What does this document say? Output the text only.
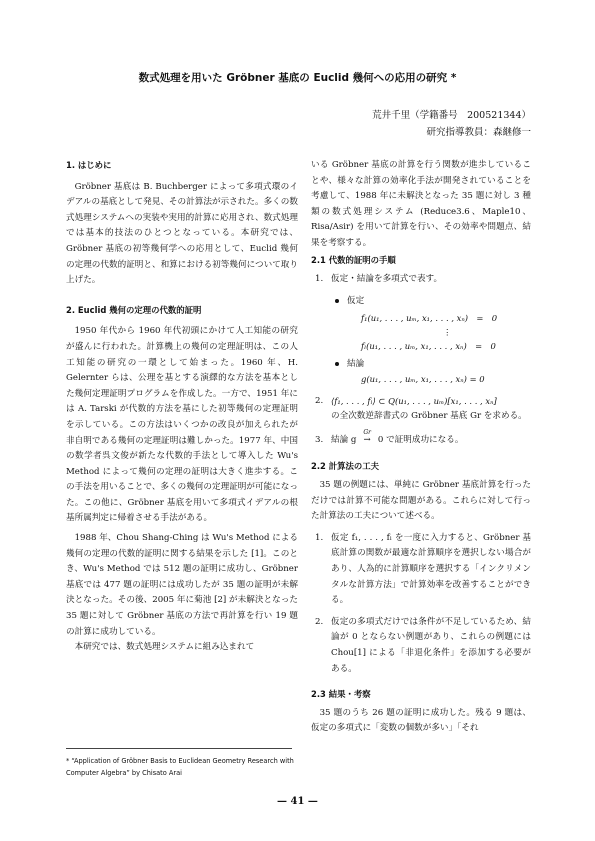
数式処理を用いた Gröbner 基底の Euclid 幾何への応用の研究 *
荒井千里（学籍番号　200521344）
研究指導教員：森継修一

1. はじめに

Gröbner 基底は B. Buchberger によって多項式環のイデアルの基底として発見、その計算法が示された。多くの数式処理システムへの実装や実用的計算に応用され、数式処理では基本的技法のひとつとなっている。本研究では、Gröbner 基底の初等幾何学への応用として、Euclid 幾何の定理の代数的証明と、和算における初等幾何について取り上げた。

2. Euclid 幾何の定理の代数的証明

1950 年代から 1960 年代初頭にかけて人工知能の研究が盛んに行われた。計算機上の幾何の定理証明は、この人工知能の研究の一環として始まった。1960 年、H. Gelernter らは、公理を基とする演繹的な方法を基本とした幾何定理証明プログラムを作成した。一方で、1951 年には A. Tarski が代数的方法を基にした初等幾何の定理証明を示している。この方法はいくつかの改良が加えられたが非自明である幾何の定理証明は難しかった。1977 年、中国の数学者呉文俊が新たな代数的手法として導入した Wu's Method によって幾何の定理の証明は大きく進歩する。この手法を用いることで、多くの幾何の定理証明が可能になった。この他に、Gröbner 基底を用いて多項式イデアルの根基所属判定に帰着させる手法がある。

1988 年、Chou Shang-Ching は Wu's Method による幾何の定理の代数的証明に関する結果を示した [1]。このとき、Wu's Method では 512 題の証明に成功し、Gröbner 基底では 477 題の証明には成功したが 35 題の証明が未解決となった。その後、2005 年に菊池 [2] が未解決となった 35 題に対して Gröbner 基底の方法で再計算を行い 19 題の計算に成功している。

本研究では、数式処理システムに組み込まれて

* “Application of Gröbner Basis to Euclidean Geometry Research with Computer Algebra” by Chisato Arai

いる Gröbner 基底の計算を行う関数が進歩していることや、様々な計算の効率化手法が開発されていることを考慮して、1988 年に未解決となった 35 題に対し 3 種類の数式処理システム (Reduce3.6、Maple10、Risa/Asir) を用いて計算を行い、その効率や問題点、結果を考察する。

2.1 代数的証明の手順

1. 仮定・結論を多項式で表す。
仮定
f₁(u₁, . . . , uₘ, x₁, . . . , xₙ)　=　0
⋮
fₗ(u₁, . . . , uₘ, x₁, . . . , xₙ)　=　0
結論
g(u₁, . . . , uₘ, x₁, . . . , xₙ) = 0
2. ⟨f₁, . . . , fₗ⟩ ⊂ Q(u₁, . . . , uₘ)[x₁, . . . , xₙ]
の全次数逆辞書式の Gröbner 基底 Gr を求める。
3. 結論 g
Gr
→ 0 で証明成功になる。

2.2 計算法の工夫

35 題の例題には、単純に Gröbner 基底計算を行っただけでは計算不可能な問題がある。これらに対して行った計算法の工夫について述べる。

1. 仮定 f₁, . . . , fₗ を一度に入力すると、Gröbner 基底計算の関数が最適な計算順序を選択しない場合があり、人為的に計算順序を選択する「インクリメンタルな計算方法」で計算効率を改善することができる。
2. 仮定の多項式だけでは条件が不足しているため、結論が 0 とならない例題があり、これらの例題には Chou[1] による「非退化条件」を添加する必要がある。

2.3 結果・考察

35 題のうち 26 題の証明に成功した。残る 9 題は、仮定の多項式に「変数の個数が多い」「それ

— 41 —
